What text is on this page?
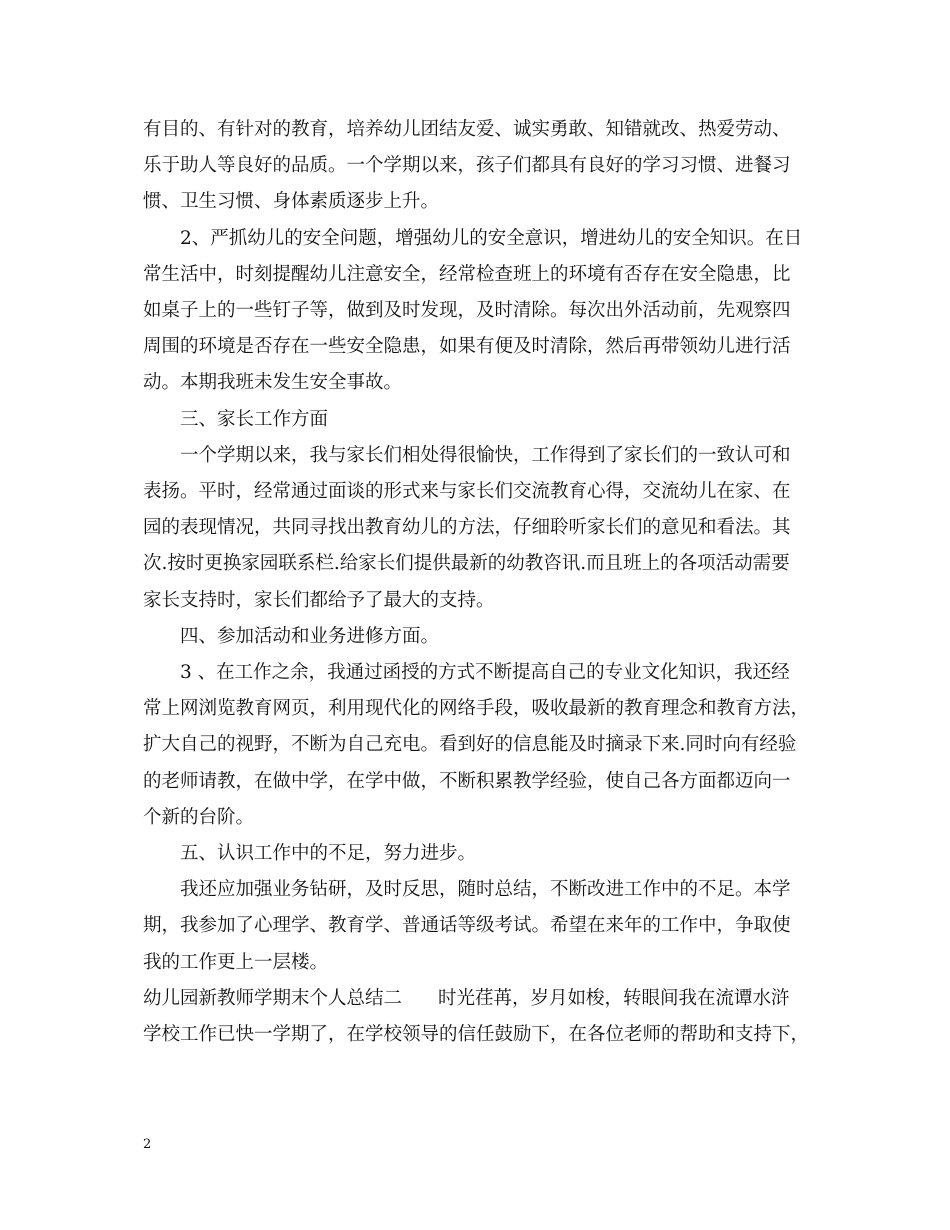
有目的、有针对的教育，培养幼儿团结友爱、诚实勇敢、知错就改、热爱劳动、
乐于助人等良好的品质。一个学期以来，孩子们都具有良好的学习习惯、进餐习
惯、卫生习惯、身体素质逐步上升。
2、严抓幼儿的安全问题，增强幼儿的安全意识，增进幼儿的安全知识。在日
常生活中，时刻提醒幼儿注意安全，经常检查班上的环境有否存在安全隐患，比
如桌子上的一些钉子等，做到及时发现，及时清除。每次出外活动前，先观察四
周围的环境是否存在一些安全隐患，如果有便及时清除，然后再带领幼儿进行活
动。本期我班未发生安全事故。
三、家长工作方面
一个学期以来，我与家长们相处得很愉快，工作得到了家长们的一致认可和
表扬。平时，经常通过面谈的形式来与家长们交流教育心得，交流幼儿在家、在
园的表现情况，共同寻找出教育幼儿的方法，仔细聆听家长们的意见和看法。其
次.按时更换家园联系栏.给家长们提供最新的幼教咨讯.而且班上的各项活动需要
家长支持时，家长们都给予了最大的支持。
四、参加活动和业务进修方面。
3 、在工作之余，我通过函授的方式不断提高自己的专业文化知识，我还经
常上网浏览教育网页，利用现代化的网络手段，吸收最新的教育理念和教育方法，
扩大自己的视野，不断为自己充电。看到好的信息能及时摘录下来.同时向有经验
的老师请教，在做中学，在学中做，不断积累教学经验，使自己各方面都迈向一
个新的台阶。
五、认识工作中的不足，努力进步。
我还应加强业务钻研，及时反思，随时总结，不断改进工作中的不足。本学
期，我参加了心理学、教育学、普通话等级考试。希望在来年的工作中，争取使
我的工作更上一层楼。
幼儿园新教师学期末个人总结二 时光荏苒，岁月如梭，转眼间我在流谭水浒
学校工作已快一学期了，在学校领导的信任鼓励下，在各位老师的帮助和支持下，
2
